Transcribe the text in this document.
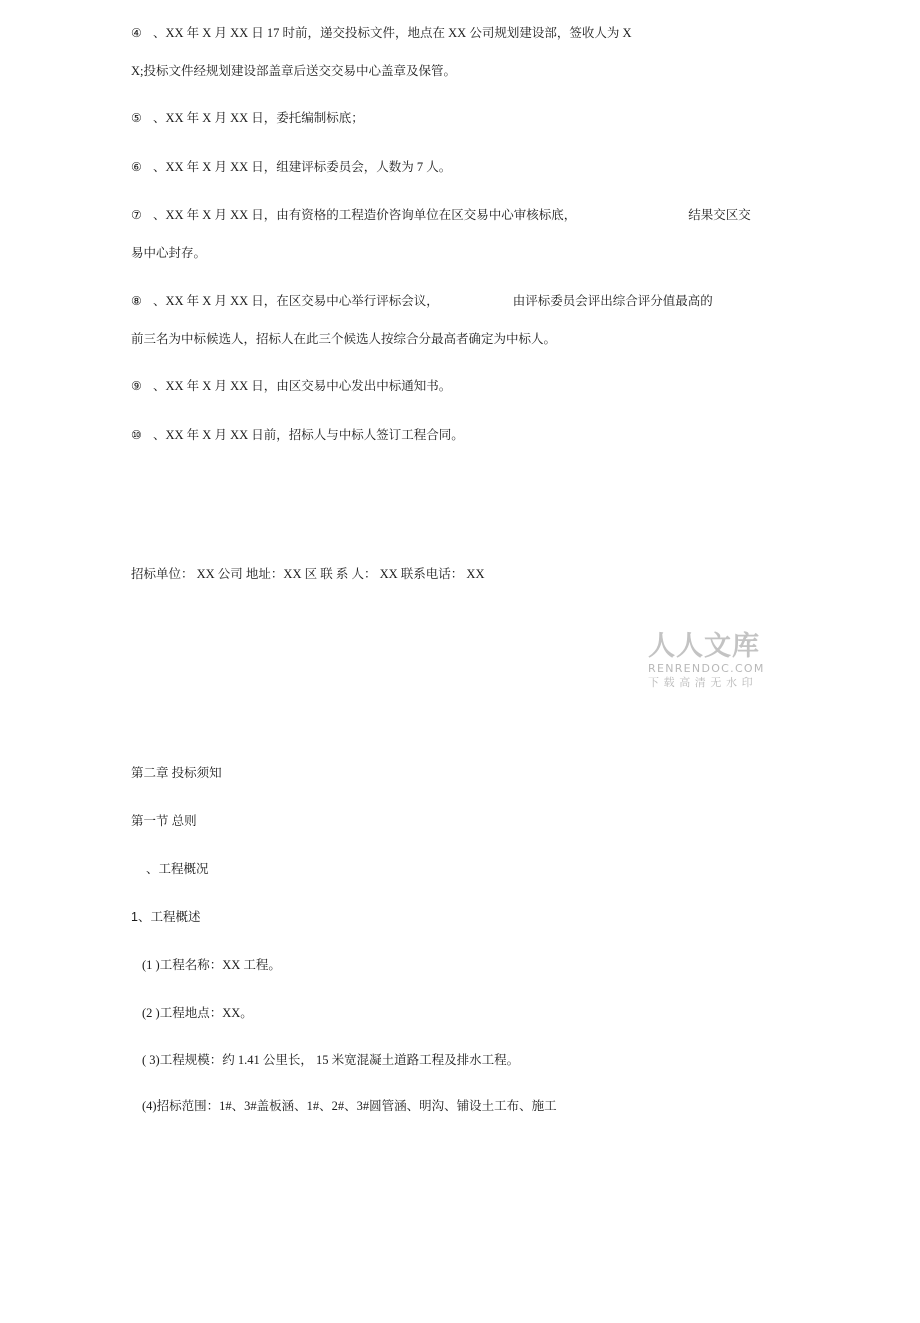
④ 、XX 年 X 月 XX 日 17 时前，递交投标文件，地点在 XX 公司规划建设部，签收人为 X
X;投标文件经规划建设部盖章后送交交易中心盖章及保管。
⑤ 、XX 年 X 月 XX 日，委托编制标底；
⑥ 、XX 年 X 月 XX 日，组建评标委员会，人数为 7 人。
⑦ 、XX 年 X 月 XX 日，由有资格的工程造价咨询单位在区交易中心审核标底，	结果交区交
易中心封存。
⑧ 、XX 年 X 月 XX 日，在区交易中心举行评标会议，	由评标委员会评出综合评分值最高的
前三名为中标候选人，招标人在此三个候选人按综合分最高者确定为中标人。
⑨ 、XX 年 X 月 XX 日，由区交易中心发出中标通知书。
⑩ 、XX 年 X 月 XX 日前，招标人与中标人签订工程合同。
招标单位： XX 公司 地址：XX 区 联 系 人： XX 联系电话： XX
人人文库
RENRENDOC.COM
下载高清无水印
第二章 投标须知
第一节 总则
、工程概况
1、工程概述
(1 )工程名称：XX 工程。
(2 )工程地点：XX。
( 3)工程规模：约 1.41 公里长， 15 米宽混凝土道路工程及排水工程。
(4)招标范围：1#、3#盖板涵、1#、2#、3#圆管涵、明沟、铺设土工布、施工
